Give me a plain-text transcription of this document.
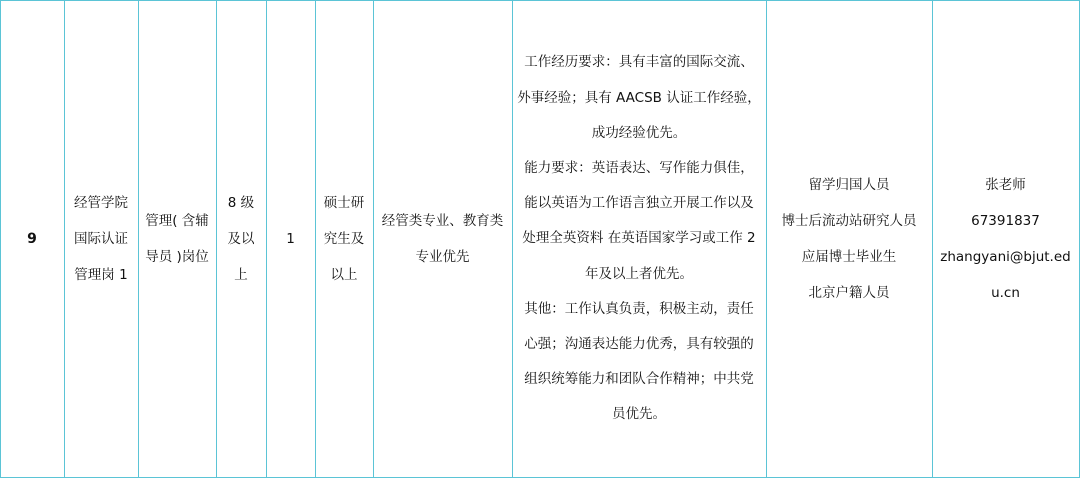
9
经管学院
国际认证
管理岗 1
管理( 含辅
导员 )岗位
8 级
及以
上
1
硕士研
究生及
以上
经管类专业、教育类
专业优先
工作经历要求：具有丰富的国际交流、
外事经验；具有 AACSB 认证工作经验，
成功经验优先。
能力要求：英语表达、写作能力俱佳，
能以英语为工作语言独立开展工作以及
处理全英资料 在英语国家学习或工作 2
年及以上者优先。
其他：工作认真负责，积极主动，责任
心强；沟通表达能力优秀，具有较强的
组织统筹能力和团队合作精神；中共党
员优先。
留学归国人员
博士后流动站研究人员
应届博士毕业生
北京户籍人员
张老师
67391837
zhangyani@bjut.ed
u.cn
